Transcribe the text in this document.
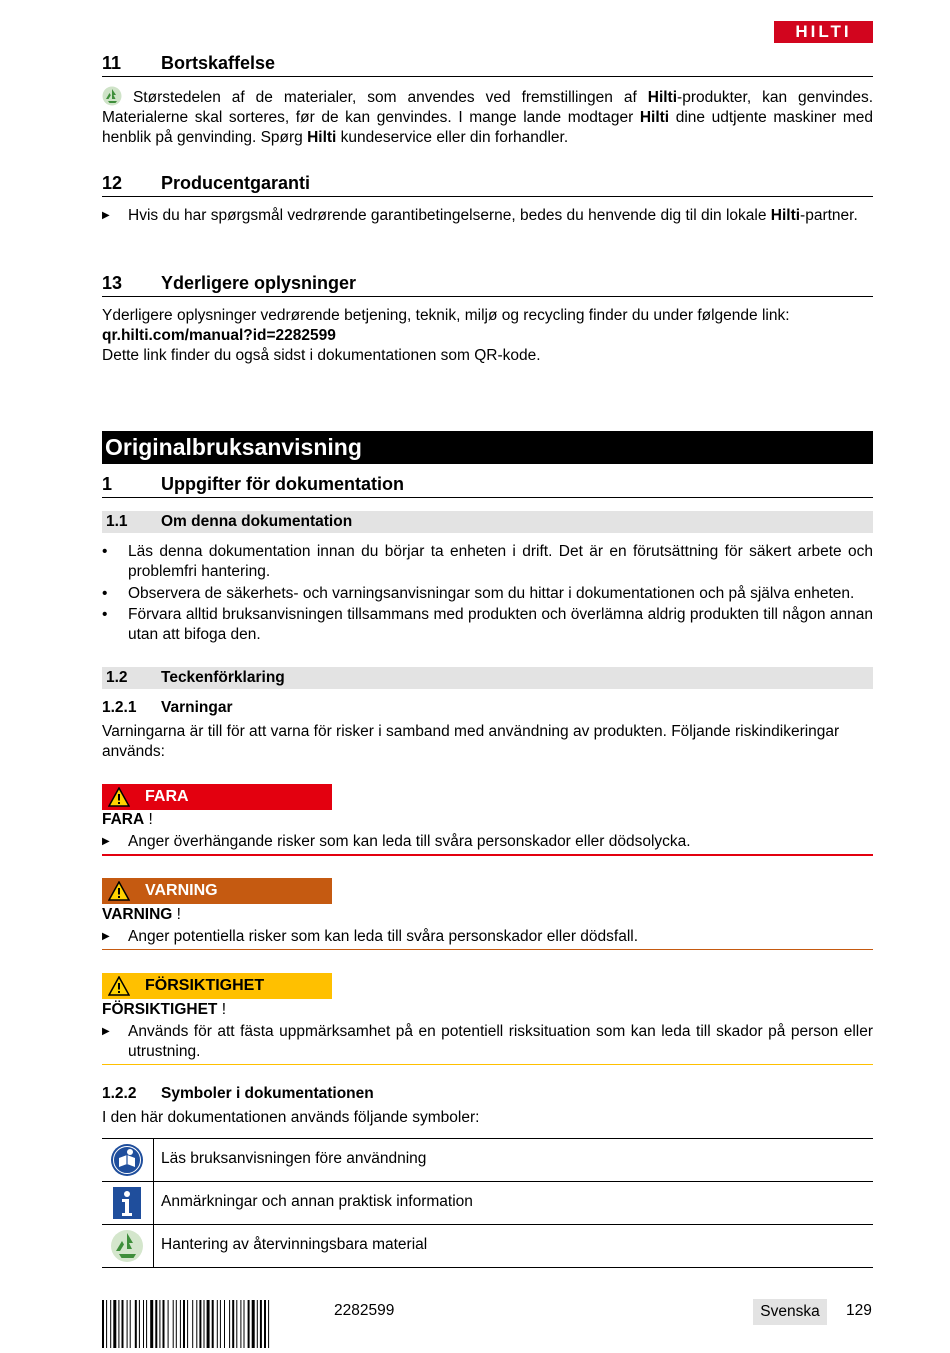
HILTI
11 Bortskaffelse
Størstedelen af de materialer, som anvendes ved fremstillingen af Hilti-produkter, kan genvindes. Materialerne skal sorteres, før de kan genvindes. I mange lande modtager Hilti dine udtjente maskiner med henblik på genvinding. Spørg Hilti kundeservice eller din forhandler.
12 Producentgaranti
▶ Hvis du har spørgsmål vedrørende garantibetingelserne, bedes du henvende dig til din lokale Hilti-partner.
13 Yderligere oplysninger
Yderligere oplysninger vedrørende betjening, teknik, miljø og recycling finder du under følgende link:
qr.hilti.com/manual?id=2282599

Dette link finder du også sidst i dokumentationen som QR-kode.
Originalbruksanvisning
1	Uppgifter för dokumentation
1.1 Om denna dokumentation
• Läs denna dokumentation innan du börjar ta enheten i drift. Det är en förutsättning för säkert arbete och problemfri hantering.
• Observera de säkerhets- och varningsanvisningar som du hittar i dokumentationen och på själva enheten.
• Förvara alltid bruksanvisningen tillsammans med produkten och överlämna aldrig produkten till någon annan utan att bifoga den.
1.2 Teckenförklaring
1.2.1 Varningar
Varningarna är till för att varna för risker i samband med användning av produkten. Följande riskindikeringar används:
FARA
FARA !
▶ Anger överhängande risker som kan leda till svåra personskador eller dödsolycka.
VARNING
VARNING !
▶ Anger potentiella risker som kan leda till svåra personskador eller dödsfall.
FÖRSIKTIGHET
FÖRSIKTIGHET !
▶ Används för att fästa uppmärksamhet på en potentiell risksituation som kan leda till skador på person eller utrustning.
1.2.2 Symboler i dokumentationen
I den här dokumentationen används följande symboler:
Läs bruksanvisningen före användning
Anmärkningar och annan praktisk information
Hantering av återvinningsbara material
2282599	Svenska	129
